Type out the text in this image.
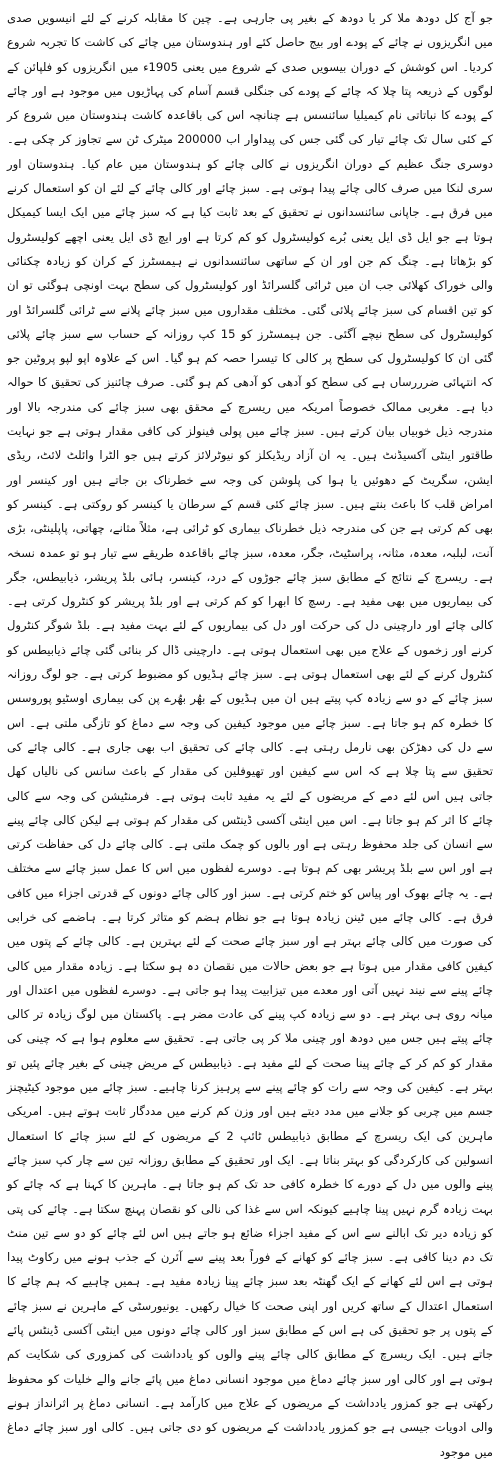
جو آج کل دودھ ملا کر یا دودھ کے بغیر پی جارہی ہے۔ چین کا مقابلہ کرنے کے لئے انیسویں صدی میں انگریزوں نے چائے کے پودے اور بیج حاصل کئے اور ہندوستان میں چائے کی کاشت کا تجربہ شروع کردیا۔ اس کوشش کے دوران بیسویں صدی کے شروع میں یعنی 1905ء میں انگریزوں کو فلپائن کے لوگوں کے ذریعہ پتا چلا کہ چائے کے پودے کی جنگلی قسم آسام کی پہاڑیوں میں موجود ہے اور چائے کے پودے کا نباتاتی نام کیمیلیا سائنسس ہے چنانچہ اس کی باقاعدہ کاشت ہندوستان میں شروع کر کے کئی سال تک چائے تیار کی گئی جس کی پیداوار اب 200000 میٹرک ٹن سے تجاوز کر چکی ہے۔ دوسری جنگ عظیم کے دوران انگریزوں نے کالی چائے کو ہندوستان میں عام کیا۔ ہندوستان اور سری لنکا میں صرف کالی چائے پیدا ہوتی ہے۔ سبز چائے اور کالی چائے کے لئے ان کو استعمال کرنے میں فرق ہے۔ جاپانی سائنسدانوں نے تحقیق کے بعد ثابت کیا ہے کہ سبز چائے میں ایک ایسا کیمیکل ہوتا ہے جو ایل ڈی ایل یعنی بُرے کولیسٹرول کو کم کرتا ہے اور ایچ ڈی ایل یعنی اچھے کولیسٹرول کو بڑھاتا ہے۔ چنگ کم جن اور ان کے ساتھی سائنسدانوں نے ہیمسٹرز کے کران کو زیادہ چکنائی والی خوراک کھلائی جب ان میں ٹرائی گلسرائڈ اور کولیسٹرول کی سطح بہت اونچی ہوگئی تو ان کو تین اقسام کی سبز چائے پلائی گئی۔ مختلف مقداروں میں سبز چائے پلانے سے ٹرائی گلسرائڈ اور کولیسٹرول کی سطح نیچے آگئی۔ جن ہیمسٹرز کو 15 کپ روزانہ کے حساب سے سبز چائے پلائی گئی ان کا کولیسٹرول کی سطح پر کالی کا تیسرا حصہ کم ہو گیا۔ اس کے علاوہ اپو لپو پروٹین جو کہ انتہائی ضرررساں ہے کی سطح کو آدھی کو آدھی کم ہو گئی۔ صرف چائنیز کی تحقیق کا حوالہ دیا ہے۔ مغربی ممالک خصوصاً امریکہ میں ریسرچ کے محقق بھی سبز چائے کی مندرجہ بالا اور مندرجہ ذیل خوبیاں بیان کرتے ہیں۔ سبز چائے میں پولی فینولز کی کافی مقدار ہوتی ہے جو نہایت طاقتور اینٹی آکسیڈنٹ ہیں۔ یہ ان آزاد ریڈیکلز کو نیوٹرلائز کرتے ہیں جو الٹرا وائلٹ لائٹ، ریڈی ایشن، سگریٹ کے دھوئیں یا ہوا کی پلوشن کی وجہ سے خطرناک بن جاتے ہیں اور کینسر اور امراض قلب کا باعث بنتے ہیں۔ سبز چائے کئی قسم کے سرطان یا کینسر کو روکتی ہے۔ کینسر کو بھی کم کرتی ہے جن کی مندرجہ ذیل خطرناک بیماری کو ٹرائی ہے، مثلاً مثانے، چھاتی، پاپلینٹی، بڑی آنت، لبلبہ، معدہ، مثانہ، پراسٹیٹ، جگر، معدہ، سبز چائے باقاعدہ طریقے سے تیار ہو تو عمدہ نسخہ ہے۔ ریسرچ کے نتائج کے مطابق سبز چائے جوڑوں کے درد، کینسر، ہائی بلڈ پریشر، ذیابیطس، جگر کی بیماریوں میں بھی مفید ہے۔ رسچ کا ابھرا کو کم کرتی ہے اور بلڈ پریشر کو کنٹرول کرتی ہے۔ کالی چائے اور دارچینی دل کی حرکت اور دل کی بیماریوں کے لئے بہت مفید ہے۔ بلڈ شوگر کنٹرول کرنے اور زخموں کے علاج میں بھی استعمال ہوتی ہے۔ دارچینی ڈال کر بنائی گئی چائے ذیابیطس کو کنٹرول کرنے کے لئے بھی استعمال ہوتی ہے۔ سبز چائے ہڈیوں کو مضبوط کرتی ہے۔ جو لوگ روزانہ سبز چائے کے دو سے زیادہ کپ پیتے ہیں ان میں ہڈیوں کے بھُر بھُرے پن کی بیماری اوسٹیو پوروسس کا خطرہ کم ہو جاتا ہے۔ سبز چائے میں موجود کیفین کی وجہ سے دماغ کو تازگی ملتی ہے۔ اس سے دل کی دھڑکن بھی نارمل رہتی ہے۔ کالی چائے کی تحقیق اب بھی جاری ہے۔ کالی چائے کی تحقیق سے پتا چلا ہے کہ اس سے کیفین اور تھیوفلین کی مقدار کے باعث سانس کی نالیاں کھل جاتی ہیں اس لئے دمے کے مریضوں کے لئے یہ مفید ثابت ہوتی ہے۔ فرمنٹیشن کی وجہ سے کالی چائے کا اثر کم ہو جاتا ہے۔ اس میں اینٹی آکسی ڈینٹس کی مقدار کم ہوتی ہے لیکن کالی چائے پینے سے انسان کی جلد محفوظ رہتی ہے اور بالوں کو چمک ملتی ہے۔ کالی چائے دل کی حفاظت کرتی ہے اور اس سے بلڈ پریشر بھی کم ہوتا ہے۔ دوسرے لفظوں میں اس کا عمل سبز چائے سے مختلف ہے۔ یہ چائے بھوک اور پیاس کو ختم کرتی ہے۔ سبز اور کالی چائے دونوں کے قدرتی اجزاء میں کافی فرق ہے۔ کالی چائے میں ٹینن زیادہ ہوتا ہے جو نظام ہضم کو متاثر کرتا ہے۔ ہاضمے کی خرابی کی صورت میں کالی چائے بہتر ہے اور سبز چائے صحت کے لئے بہترین ہے۔ کالی چائے کے پتوں میں کیفین کافی مقدار میں ہوتا ہے جو بعض حالات میں نقصان دہ ہو سکتا ہے۔ زیادہ مقدار میں کالی چائے پینے سے نیند نہیں آتی اور معدے میں تیزابیت پیدا ہو جاتی ہے۔ دوسرے لفظوں میں اعتدال اور میانہ روی ہی بہتر ہے۔ دو سے زیادہ کپ پینے کی عادت مضر ہے۔ پاکستان میں لوگ زیادہ تر کالی چائے پیتے ہیں جس میں دودھ اور چینی ملا کر پی جاتی ہے۔ تحقیق سے معلوم ہوا ہے کہ چینی کی مقدار کو کم کر کے چائے پینا صحت کے لئے مفید ہے۔ ذیابیطس کے مریض چینی کے بغیر چائے پئیں تو بہتر ہے۔ کیفین کی وجہ سے رات کو چائے پینے سے پرہیز کرنا چاہیے۔ سبز چائے میں موجود کیٹیچنز جسم میں چربی کو جلانے میں مدد دیتے ہیں اور وزن کم کرنے میں مددگار ثابت ہوتے ہیں۔ امریکی ماہرین کی ایک ریسرچ کے مطابق ذیابیطس ٹائپ 2 کے مریضوں کے لئے سبز چائے کا استعمال انسولین کی کارکردگی کو بہتر بناتا ہے۔ ایک اور تحقیق کے مطابق روزانہ تین سے چار کپ سبز چائے پینے والوں میں دل کے دورے کا خطرہ کافی حد تک کم ہو جاتا ہے۔ ماہرین کا کہنا ہے کہ چائے کو بہت زیادہ گرم نہیں پینا چاہیے کیونکہ اس سے غذا کی نالی کو نقصان پہنچ سکتا ہے۔ چائے کی پتی کو زیادہ دیر تک ابالنے سے اس کے مفید اجزاء ضائع ہو جاتے ہیں اس لئے چائے کو دو سے تین منٹ تک دم دینا کافی ہے۔ سبز چائے کو کھانے کے فوراً بعد پینے سے آئرن کے جذب ہونے میں رکاوٹ پیدا ہوتی ہے اس لئے کھانے کے ایک گھنٹہ بعد سبز چائے پینا زیادہ مفید ہے۔ ہمیں چاہیے کہ ہم چائے کا استعمال اعتدال کے ساتھ کریں اور اپنی صحت کا خیال رکھیں۔ یونیورسٹی کے ماہرین نے سبز چائے کے پتوں پر جو تحقیق کی ہے اس کے مطابق سبز اور کالی چائے دونوں میں اینٹی آکسی ڈینٹس پائے جاتے ہیں۔ ایک ریسرچ کے مطابق کالی چائے پینے والوں کو یادداشت کی کمزوری کی شکایت کم ہوتی ہے اور کالی اور سبز چائے دماغ میں موجود انسانی دماغ میں پائے جانے والے خلیات کو محفوظ رکھتی ہے جو کمزور یادداشت کے مریضوں کے علاج میں کارآمد ہے۔ انسانی دماغ پر اثرانداز ہونے والی ادویات جیسی ہے جو کمزور یادداشت کے مریضوں کو دی جاتی ہیں۔ کالی اور سبز چائے دماغ میں موجود
